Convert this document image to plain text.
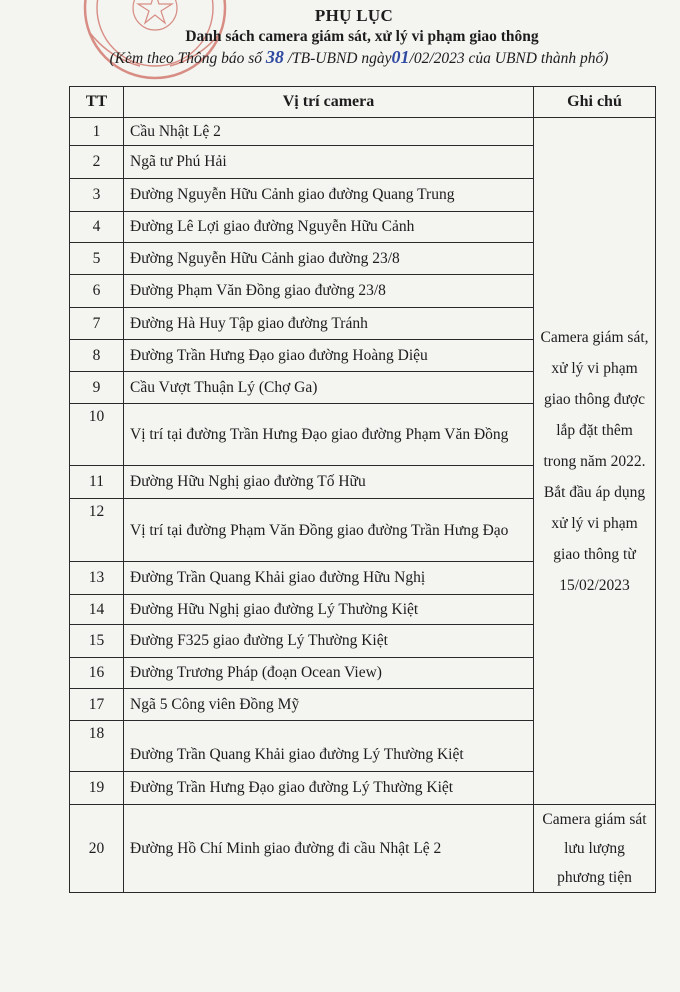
PHỤ LỤC
Danh sách camera giám sát, xử lý vi phạm giao thông
(Kèm theo Thông báo số 38 /TB-UBND ngày01/02/2023 của UBND thành phố)
TT	Vị trí camera	Ghi chú
1	Cầu Nhật Lệ 2	Camera giám sát, xử lý vi phạm giao thông được lắp đặt thêm trong năm 2022. Bắt đầu áp dụng xử lý vi phạm giao thông từ 15/02/2023
2	Ngã tư Phú Hải	
3	Đường Nguyễn Hữu Cảnh giao đường Quang Trung	
4	Đường Lê Lợi giao đường Nguyễn Hữu Cảnh	
5	Đường Nguyễn Hữu Cảnh giao đường 23/8	
6	Đường Phạm Văn Đồng giao đường 23/8	
7	Đường Hà Huy Tập giao đường Tránh	
8	Đường Trần Hưng Đạo giao đường Hoàng Diệu	
9	Cầu Vượt Thuận Lý (Chợ Ga)	
10	Vị trí tại đường Trần Hưng Đạo giao đường Phạm Văn Đồng	
11	Đường Hữu Nghị giao đường Tố Hữu	
12	Vị trí tại đường Phạm Văn Đồng giao đường Trần Hưng Đạo	
13	Đường Trần Quang Khải giao đường Hữu Nghị	
14	Đường Hữu Nghị giao đường Lý Thường Kiệt	
15	Đường F325 giao đường Lý Thường Kiệt	
16	Đường Trương Pháp (đoạn Ocean View)	
17	Ngã 5 Công viên Đồng Mỹ	
18	Đường Trần Quang Khải giao đường Lý Thường Kiệt	
19	Đường Trần Hưng Đạo giao đường Lý Thường Kiệt	
20	Đường Hồ Chí Minh giao đường đi cầu Nhật Lệ 2	Camera giám sát lưu lượng phương tiện
